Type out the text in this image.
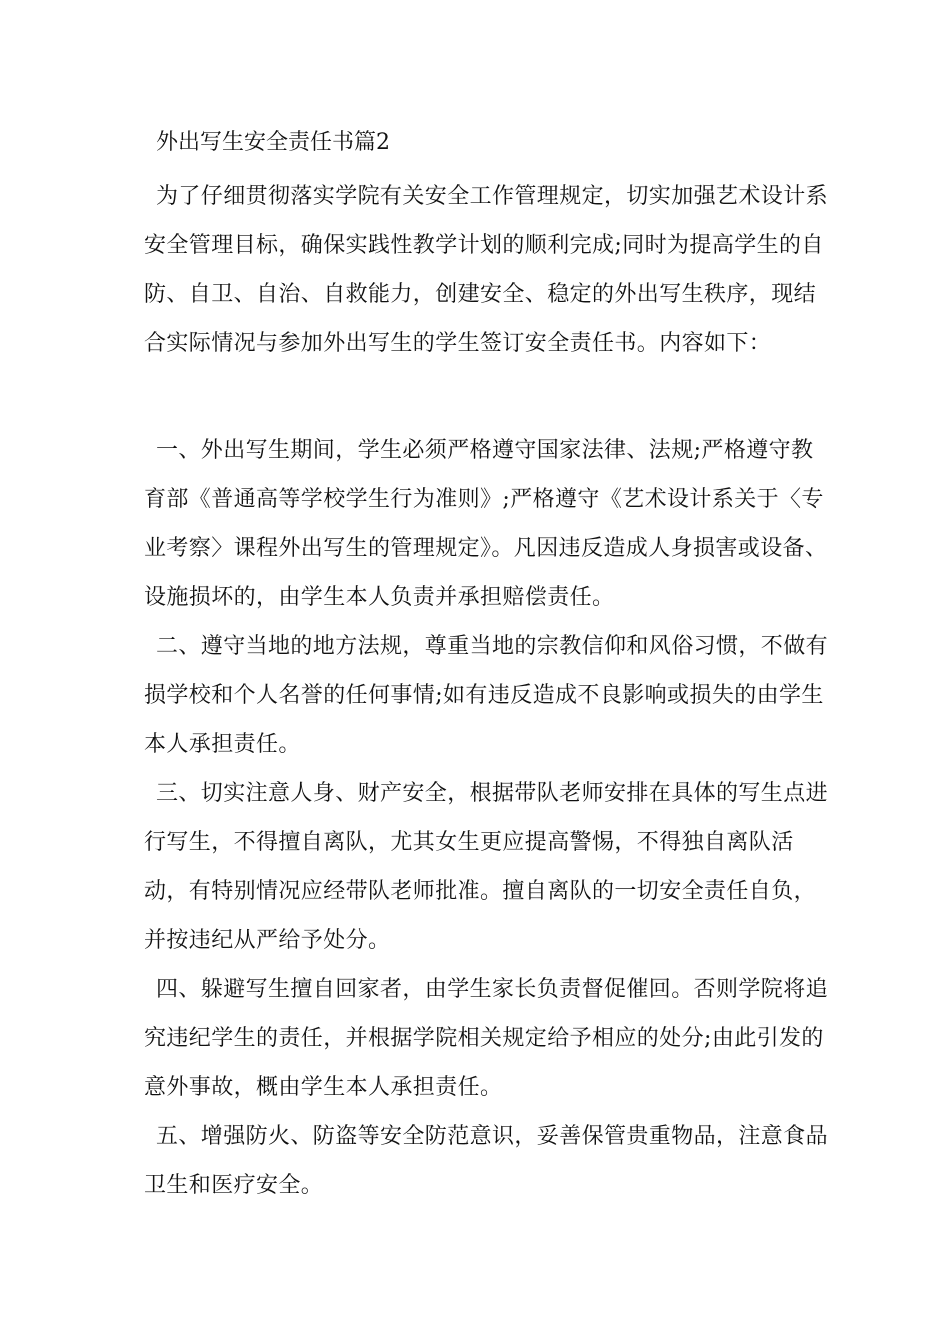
外出写生安全责任书篇2

为了仔细贯彻落实学院有关安全工作管理规定，切实加强艺术设计系安全管理目标，确保实践性教学计划的顺利完成;同时为提高学生的自防、自卫、自治、自救能力，创建安全、稳定的外出写生秩序，现结合实际情况与参加外出写生的学生签订安全责任书。内容如下：

一、外出写生期间，学生必须严格遵守国家法律、法规;严格遵守教育部《普通高等学校学生行为准则》;严格遵守《艺术设计系关于〈专业考察〉课程外出写生的管理规定》。凡因违反造成人身损害或设备、设施损坏的，由学生本人负责并承担赔偿责任。

二、遵守当地的地方法规，尊重当地的宗教信仰和风俗习惯，不做有损学校和个人名誉的任何事情;如有违反造成不良影响或损失的由学生本人承担责任。

三、切实注意人身、财产安全，根据带队老师安排在具体的写生点进行写生，不得擅自离队，尤其女生更应提高警惕，不得独自离队活动，有特别情况应经带队老师批准。擅自离队的一切安全责任自负，并按违纪从严给予处分。

四、躲避写生擅自回家者，由学生家长负责督促催回。否则学院将追究违纪学生的责任，并根据学院相关规定给予相应的处分;由此引发的意外事故，概由学生本人承担责任。

五、增强防火、防盗等安全防范意识，妥善保管贵重物品，注意食品卫生和医疗安全。
